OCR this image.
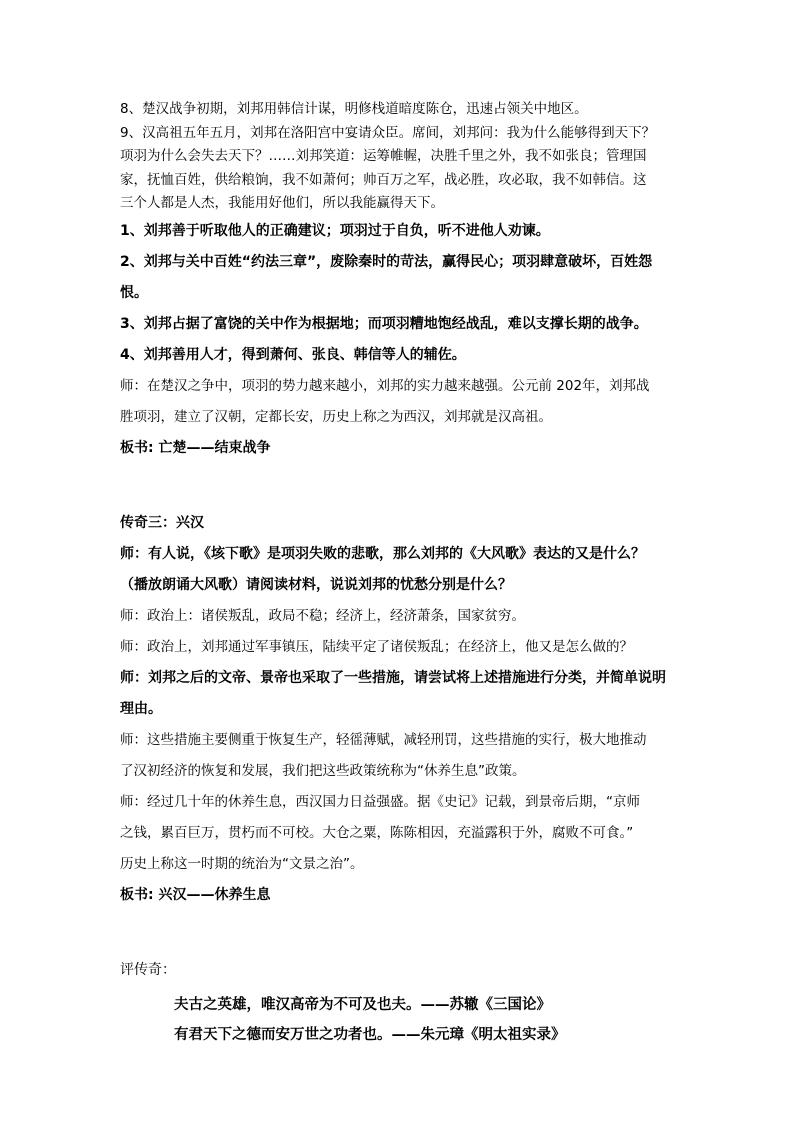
8、楚汉战争初期，刘邦用韩信计谋，明修栈道暗度陈仓，迅速占领关中地区。
9、汉高祖五年五月，刘邦在洛阳宫中宴请众臣。席间，刘邦问：我为什么能够得到天下？
项羽为什么会失去天下？……刘邦笑道：运筹帷幄，决胜千里之外，我不如张良；管理国
家，抚恤百姓，供给粮饷，我不如萧何；帅百万之军，战必胜，攻必取，我不如韩信。这
三个人都是人杰，我能用好他们，所以我能赢得天下。
1、刘邦善于听取他人的正确建议；项羽过于自负，听不进他人劝谏。
2、刘邦与关中百姓“约法三章”，废除秦时的苛法，赢得民心；项羽肆意破坏，百姓怨
恨。
3、刘邦占据了富饶的关中作为根据地；而项羽糟地饱经战乱，难以支撑长期的战争。
4、刘邦善用人才，得到萧何、张良、韩信等人的辅佐。
师：在楚汉之争中，项羽的势力越来越小，刘邦的实力越来越强。公元前 202年，刘邦战
胜项羽，建立了汉朝，定都长安，历史上称之为西汉，刘邦就是汉高祖。
板书: 亡楚——结束战争
传奇三：兴汉
师：有人说，《垓下歌》是项羽失败的悲歌，那么刘邦的《大风歌》表达的又是什么？
（播放朗诵大风歌）请阅读材料，说说刘邦的忧愁分别是什么？
师：政治上：诸侯叛乱，政局不稳；经济上，经济萧条，国家贫穷。
师：政治上，刘邦通过军事镇压，陆续平定了诸侯叛乱；在经济上，他又是怎么做的？
师：刘邦之后的文帝、景帝也采取了一些措施，请尝试将上述措施进行分类，并简单说明
理由。
师：这些措施主要侧重于恢复生产，轻徭薄赋，减轻刑罚，这些措施的实行，极大地推动
了汉初经济的恢复和发展，我们把这些政策统称为“休养生息”政策。
师：经过几十年的休养生息，西汉国力日益强盛。据《史记》记载，到景帝后期，“京师
之钱，累百巨万，贯朽而不可校。大仓之粟，陈陈相因，充溢露积于外，腐败不可食。”
历史上称这一时期的统治为“文景之治”。
板书: 兴汉——休养生息
评传奇：
夫古之英雄，唯汉高帝为不可及也夫。——苏辙《三国论》
有君天下之德而安万世之功者也。——朱元璋《明太祖实录》
